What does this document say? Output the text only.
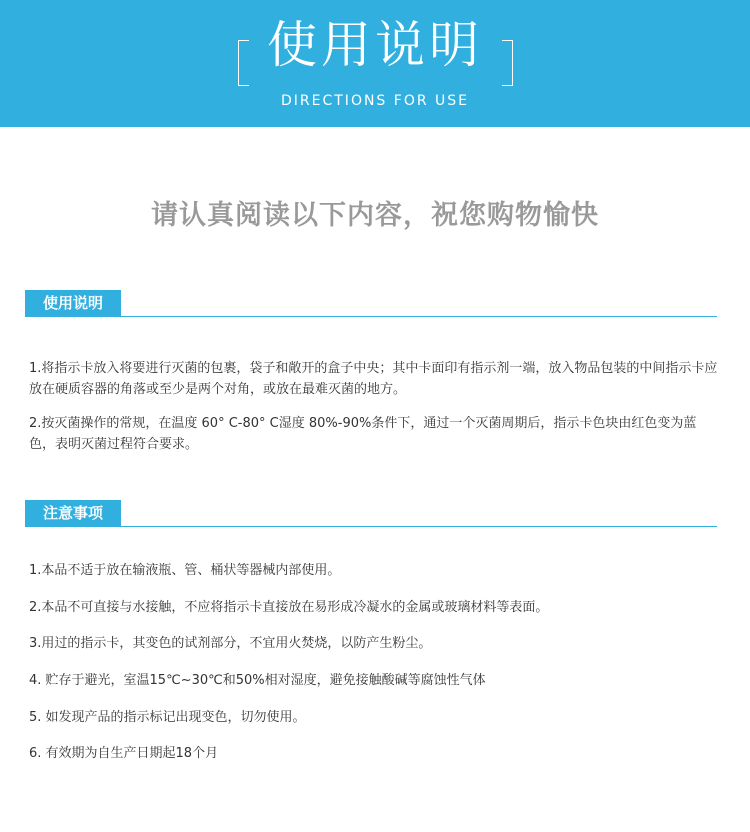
使用说明
DIRECTIONS FOR USE
请认真阅读以下内容，祝您购物愉快
使用说明
1.将指示卡放入将要进行灭菌的包裹，袋子和敞开的盒子中央；其中卡面印有指示剂一端，放入物品包装的中间指示卡应放在硬质容器的角落或至少是两个对角，或放在最难灭菌的地方。
2.按灭菌操作的常规，在温度 60° C-80° C湿度 80%-90%条件下，通过一个灭菌周期后，指示卡色块由红色变为蓝色，表明灭菌过程符合要求。
注意事项
1.本品不适于放在输液瓶、管、桶状等器械内部使用。
2.本品不可直接与水接触，不应将指示卡直接放在易形成冷凝水的金属或玻璃材料等表面。
3.用过的指示卡，其变色的试剂部分，不宜用火焚烧，以防产生粉尘。
4. 贮存于避光，室温15℃~30℃和50%相对湿度，避免接触酸碱等腐蚀性气体
5. 如发现产品的指示标记出现变色，切勿使用。
6. 有效期为自生产日期起18个月
